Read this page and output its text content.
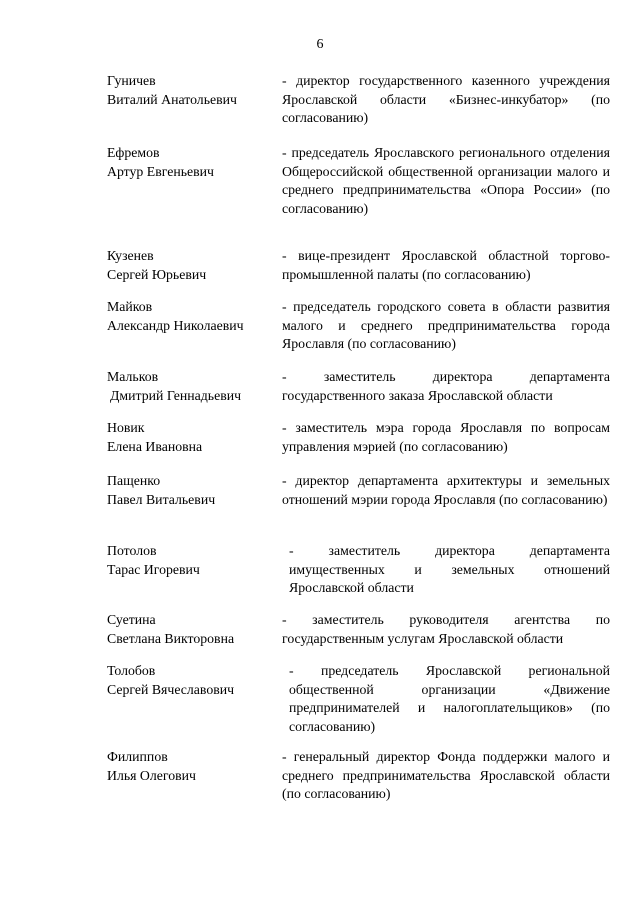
6
Гуничев
Виталий Анатольевич
- директор государственного казенного учреждения Ярославской области «Бизнес-инкубатор» (по согласованию)
Ефремов
Артур Евгеньевич
- председатель Ярославского регионального отделения Общероссийской общественной организации малого и среднего предпринимательства «Опора России» (по согласованию)
Кузенев
Сергей Юрьевич
- вице-президент Ярославской областной торгово-промышленной палаты (по согласованию)
Майков
Александр Николаевич
- председатель городского совета в области развития малого и среднего предпринимательства города Ярославля (по согласованию)
Мальков
Дмитрий Геннадьевич
- заместитель директора департамента государственного заказа Ярославской области
Новик
Елена Ивановна
- заместитель мэра города Ярославля по вопросам управления мэрией (по согласованию)
Пащенко
Павел Витальевич
- директор департамента архитектуры и земельных отношений мэрии города Ярославля (по согласованию)
Потолов
Тарас Игоревич
- заместитель директора департамента имущественных и земельных отношений Ярославской области
Суетина
Светлана Викторовна
- заместитель руководителя агентства по государственным услугам Ярославской области
Толобов
Сергей Вячеславович
- председатель Ярославской региональной общественной организации «Движение предпринимателей и налогоплательщиков» (по согласованию)
Филиппов
Илья Олегович
- генеральный директор Фонда поддержки малого и среднего предпринимательства Ярославской области (по согласованию)
